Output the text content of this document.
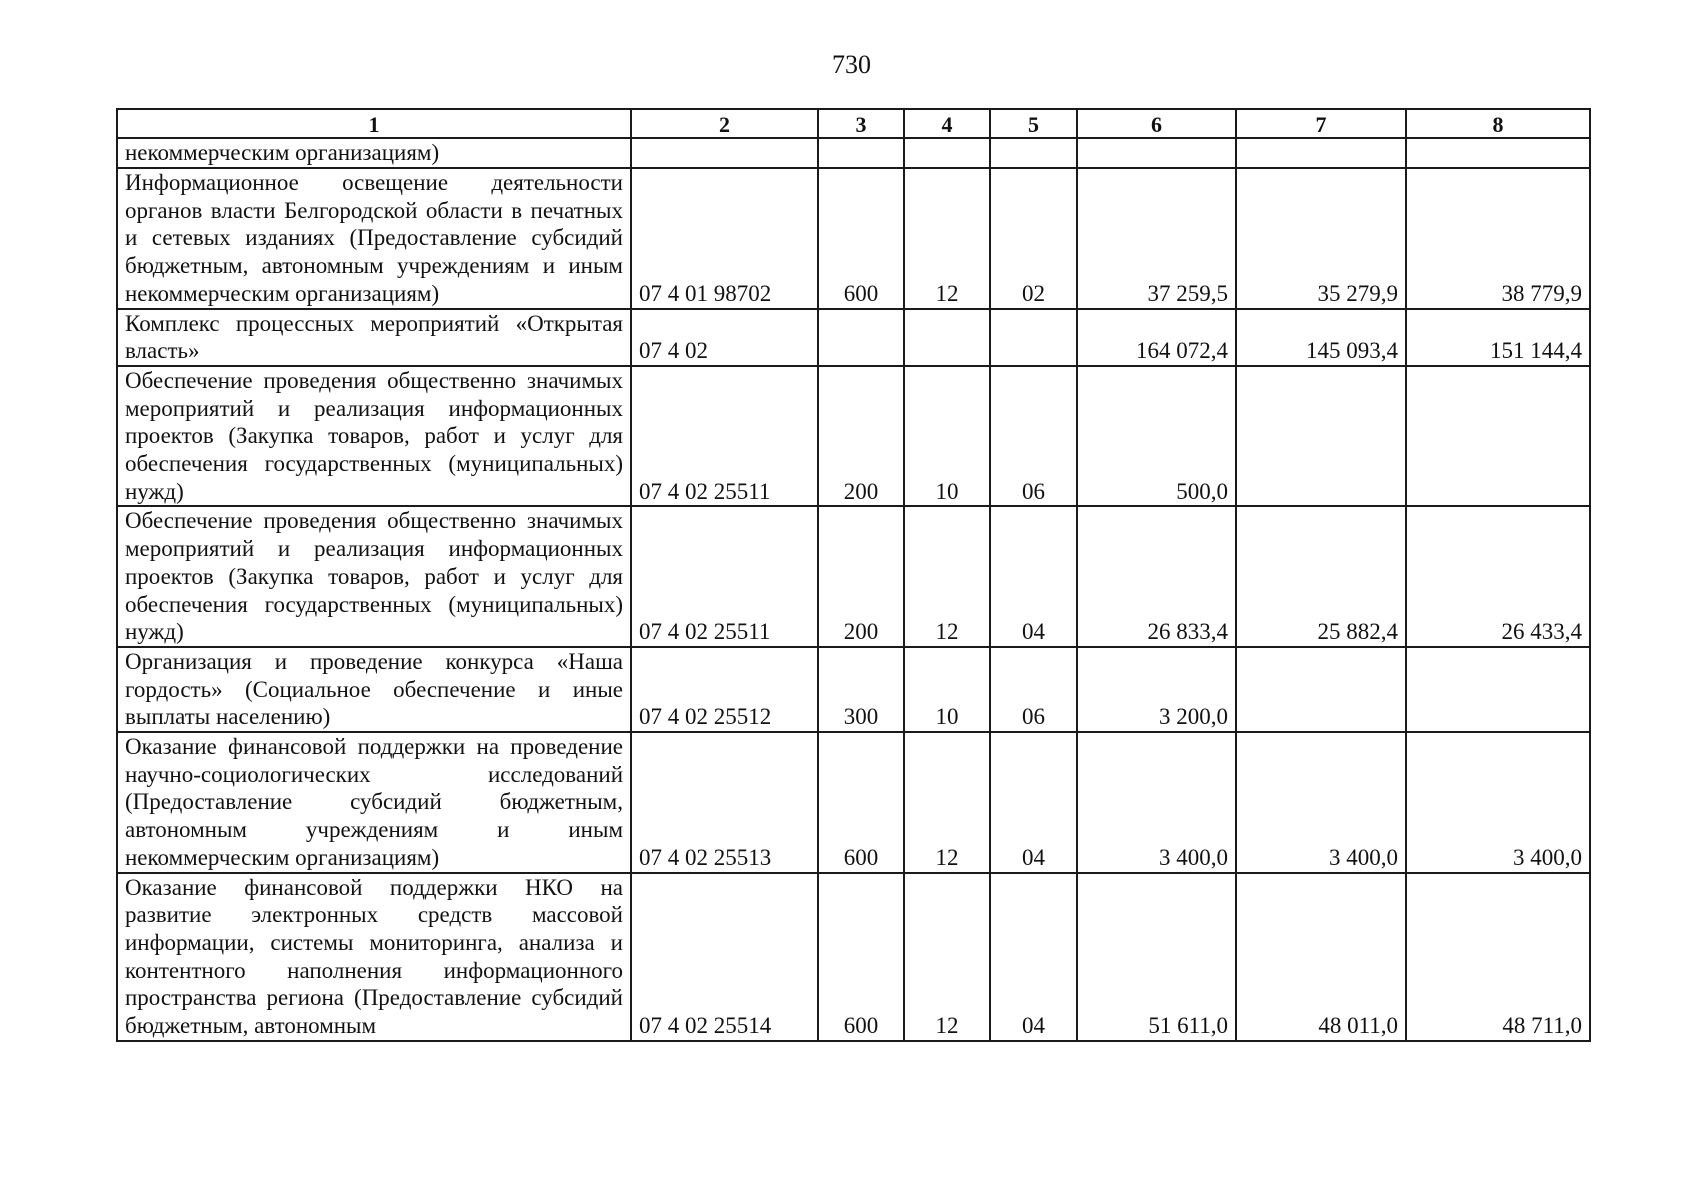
730
1	2	3	4	5	6	7	8
некоммерческим организациям)							
Информационное освещение деятельности органов власти Белгородской области в печатных и сетевых изданиях (Предоставление субсидий бюджетным, автономным учреждениям и иным некоммерческим организациям)	07 4 01 98702	600	12	02	37 259,5	35 279,9	38 779,9
Комплекс процессных мероприятий «Открытая власть»	07 4 02				164 072,4	145 093,4	151 144,4
Обеспечение проведения общественно значимых мероприятий и реализация информационных проектов (Закупка товаров, работ и услуг для обеспечения государственных (муниципальных) нужд)	07 4 02 25511	200	10	06	500,0		
Обеспечение проведения общественно значимых мероприятий и реализация информационных проектов (Закупка товаров, работ и услуг для обеспечения государственных (муниципальных) нужд)	07 4 02 25511	200	12	04	26 833,4	25 882,4	26 433,4
Организация и проведение конкурса «Наша гордость» (Социальное обеспечение и иные выплаты населению)	07 4 02 25512	300	10	06	3 200,0		
Оказание финансовой поддержки на проведение научно-социологических исследований (Предоставление субсидий бюджетным, автономным учреждениям и иным некоммерческим организациям)	07 4 02 25513	600	12	04	3 400,0	3 400,0	3 400,0
Оказание финансовой поддержки НКО на развитие электронных средств массовой информации, системы мониторинга, анализа и контентного наполнения информационного пространства региона (Предоставление субсидий бюджетным, автономным	07 4 02 25514	600	12	04	51 611,0	48 011,0	48 711,0
